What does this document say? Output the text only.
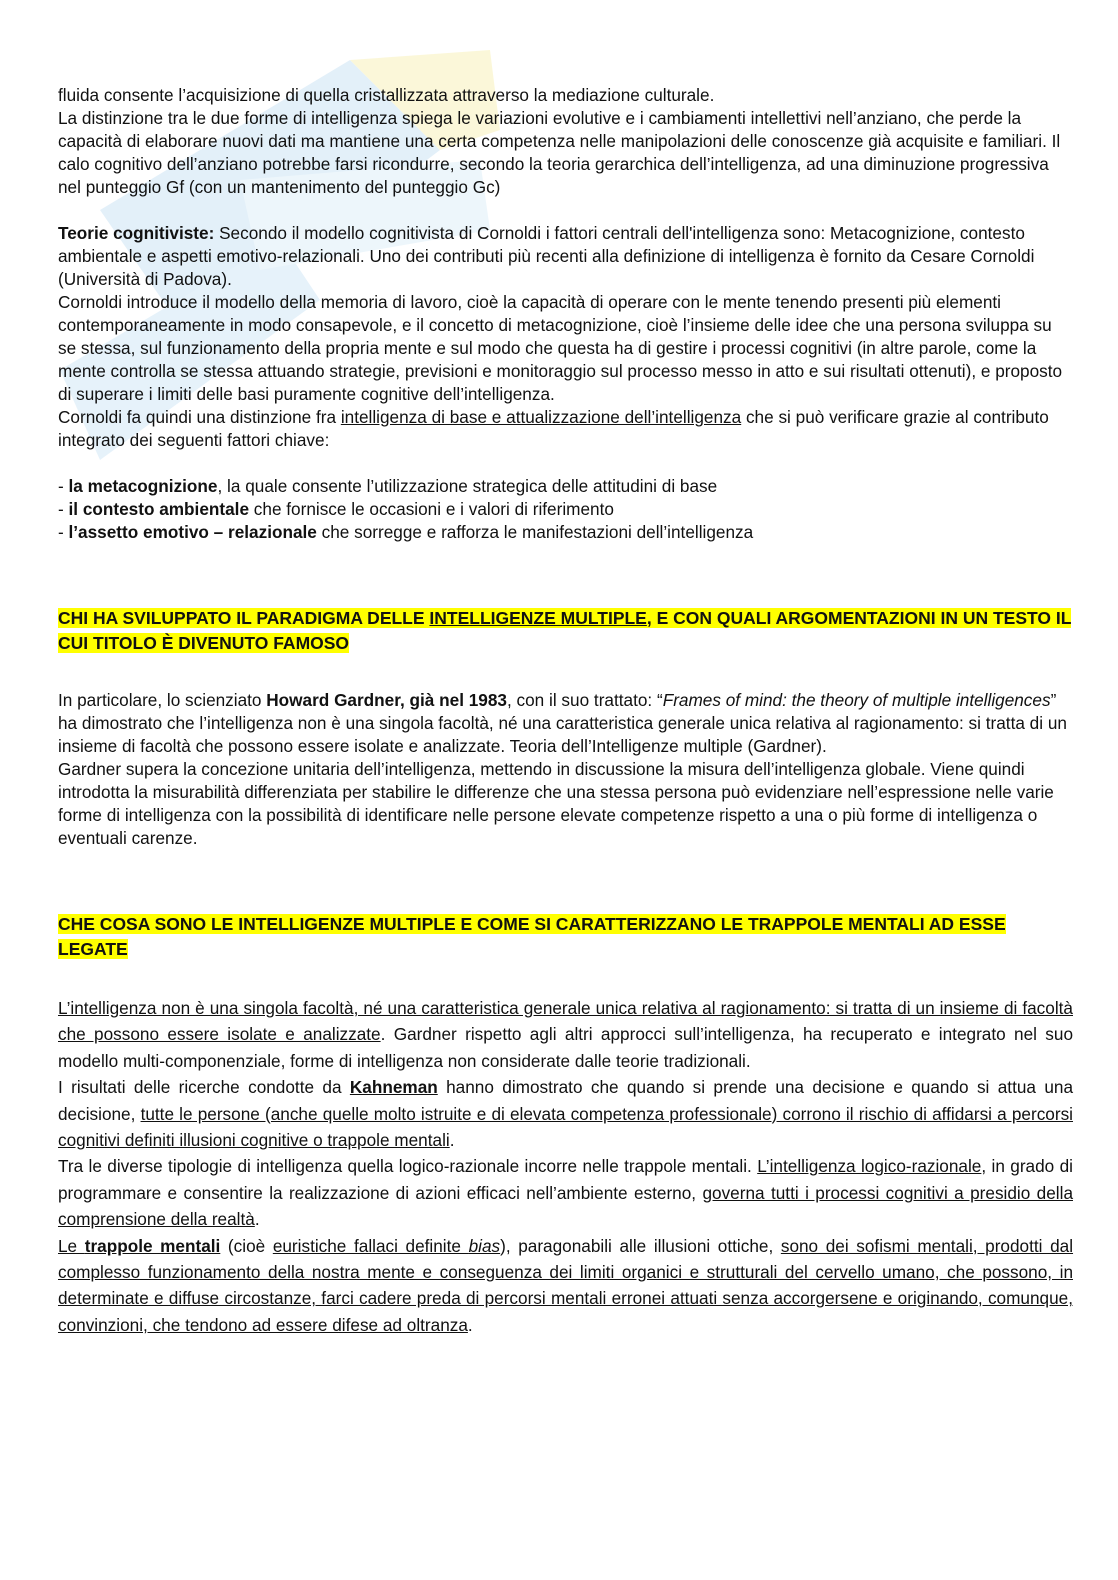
fluida consente l’acquisizione di quella cristallizzata attraverso la mediazione culturale.

La distinzione tra le due forme di intelligenza spiega le variazioni evolutive e i cambiamenti intellettivi nell’anziano, che perde la capacità di elaborare nuovi dati ma mantiene una certa competenza nelle manipolazioni delle conoscenze già acquisite e familiari. Il calo cognitivo dell’anziano potrebbe farsi ricondurre, secondo la teoria gerarchica dell’intelligenza, ad una diminuzione progressiva nel punteggio Gf (con un mantenimento del punteggio Gc)

Teorie cognitiviste: Secondo il modello cognitivista di Cornoldi i fattori centrali dell'intelligenza sono: Metacognizione, contesto ambientale e aspetti emotivo-relazionali. Uno dei contributi più recenti alla definizione di intelligenza è fornito da Cesare Cornoldi (Università di Padova).

Cornoldi introduce il modello della memoria di lavoro, cioè la capacità di operare con le mente tenendo presenti più elementi contemporaneamente in modo consapevole, e il concetto di metacognizione, cioè l’insieme delle idee che una persona sviluppa su se stessa, sul funzionamento della propria mente e sul modo che questa ha di gestire i processi cognitivi (in altre parole, come la mente controlla se stessa attuando strategie, previsioni e monitoraggio sul processo messo in atto e sui risultati ottenuti), e proposto di superare i limiti delle basi puramente cognitive dell’intelligenza.

Cornoldi fa quindi una distinzione fra intelligenza di base e attualizzazione dell’intelligenza che si può verificare grazie al contributo integrato dei seguenti fattori chiave:

- la metacognizione, la quale consente l’utilizzazione strategica delle attitudini di base

- il contesto ambientale che fornisce le occasioni e i valori di riferimento

- l’assetto emotivo – relazionale che sorregge e rafforza le manifestazioni dell’intelligenza

CHI HA SVILUPPATO IL PARADIGMA DELLE INTELLIGENZE MULTIPLE, E CON QUALI ARGOMENTAZIONI IN UN TESTO IL CUI TITOLO È DIVENUTO FAMOSO

In particolare, lo scienziato Howard Gardner, già nel 1983, con il suo trattato: “Frames of mind: the theory of multiple intelligences” ha dimostrato che l’intelligenza non è una singola facoltà, né una caratteristica generale unica relativa al ragionamento: si tratta di un insieme di facoltà che possono essere isolate e analizzate. Teoria dell’Intelligenze multiple (Gardner).

Gardner supera la concezione unitaria dell’intelligenza, mettendo in discussione la misura dell’intelligenza globale. Viene quindi introdotta la misurabilità differenziata per stabilire le differenze che una stessa persona può evidenziare nell’espressione nelle varie forme di intelligenza con la possibilità di identificare nelle persone elevate competenze rispetto a una o più forme di intelligenza o eventuali carenze.

CHE COSA SONO LE INTELLIGENZE MULTIPLE E COME SI CARATTERIZZANO LE TRAPPOLE MENTALI AD ESSE LEGATE

L’intelligenza non è una singola facoltà, né una caratteristica generale unica relativa al ragionamento: si tratta di un insieme di facoltà che possono essere isolate e analizzate. Gardner rispetto agli altri approcci sull’intelligenza, ha recuperato e integrato nel suo modello multi-componenziale, forme di intelligenza non considerate dalle teorie tradizionali.

I risultati delle ricerche condotte da Kahneman hanno dimostrato che quando si prende una decisione e quando si attua una decisione, tutte le persone (anche quelle molto istruite e di elevata competenza professionale) corrono il rischio di affidarsi a percorsi cognitivi definiti illusioni cognitive o trappole mentali.

Tra le diverse tipologie di intelligenza quella logico-razionale incorre nelle trappole mentali. L’intelligenza logico-razionale, in grado di programmare e consentire la realizzazione di azioni efficaci nell’ambiente esterno, governa tutti i processi cognitivi a presidio della comprensione della realtà.

Le trappole mentali (cioè euristiche fallaci definite bias), paragonabili alle illusioni ottiche, sono dei sofismi mentali, prodotti dal complesso funzionamento della nostra mente e conseguenza dei limiti organici e strutturali del cervello umano, che possono, in determinate e diffuse circostanze, farci cadere preda di percorsi mentali erronei attuati senza accorgersene e originando, comunque, convinzioni, che tendono ad essere difese ad oltranza.
